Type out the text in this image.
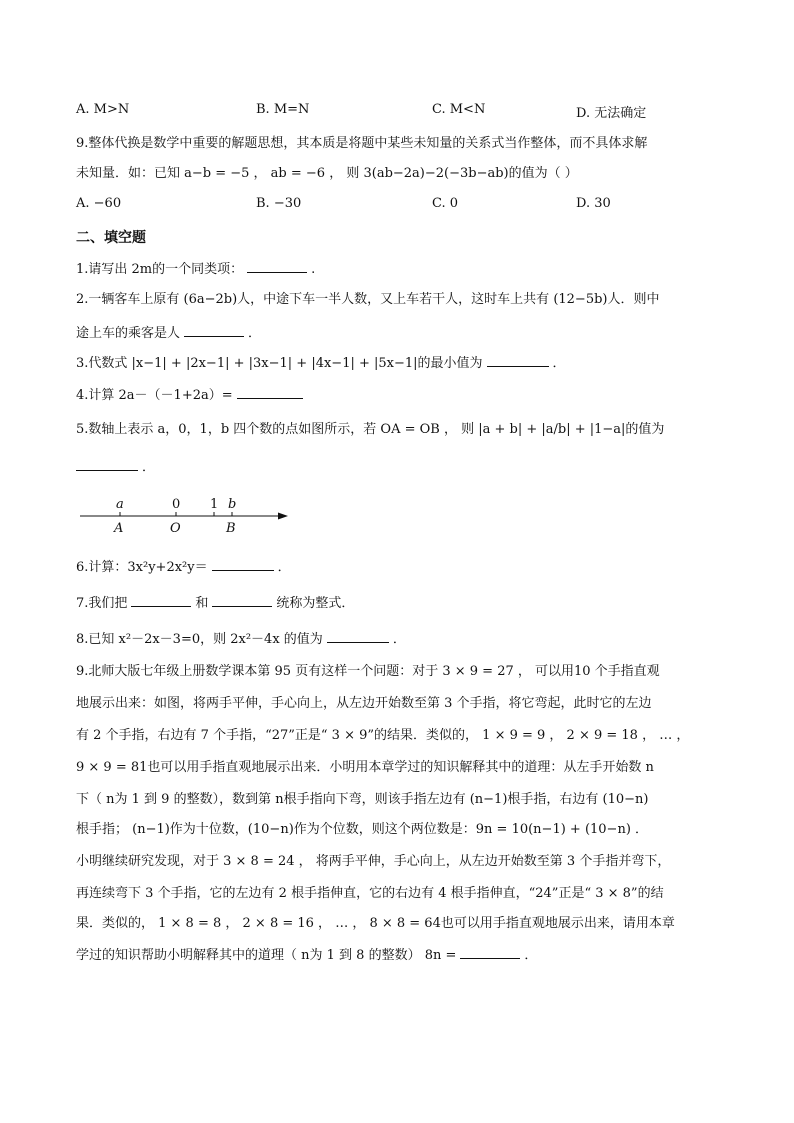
A. M>N	B. M=N	C. M<N	D. 无法确定
9.整体代换是数学中重要的解题思想，其本质是将题中某些未知量的关系式当作整体，而不具体求解
未知量．如：已知 a−b = −5 ， ab = −6 ， 则 3(ab−2a)−2(−3b−ab)的值为（ ）
A. −60	B. −30	C. 0	D. 30
二、填空题
1.请写出 2m的一个同类项：	.
2.一辆客车上原有 (6a−2b)人，中途下车一半人数，又上车若干人，这时车上共有 (12−5b)人．则中
途上车的乘客是人	．
3.代数式 |x−1| + |2x−1| + |3x−1| + |4x−1| + |5x−1|的最小值为	．
4.计算 2a－（－1+2a）=
5.数轴上表示 a，0，1，b 四个数的点如图所示，若 OA = OB ， 则 |a + b| + |a/b| + |1−a|的值为
．
a	0 1 b
A	O	B
6.计算：3x²y+2x²y＝	．
7.我们把	和	统称为整式．
8.已知 x²－2x－3=0，则 2x²－4x 的值为	．
9.北师大版七年级上册数学课本第 95 页有这样一个问题：对于 3 × 9 = 27 ， 可以用10 个手指直观
地展示出来：如图，将两手平伸，手心向上，从左边开始数至第 3 个手指，将它弯起，此时它的左边
有 2 个手指，右边有 7 个手指，“27”正是“ 3 × 9”的结果．类似的， 1 × 9 = 9 ， 2 × 9 = 18 ， … ，
9 × 9 = 81也可以用手指直观地展示出来．小明用本章学过的知识解释其中的道理：从左手开始数 n
下（ n为 1 到 9 的整数），数到第 n根手指向下弯，则该手指左边有 (n−1)根手指，右边有 (10−n)
根手指； (n−1)作为十位数，(10−n)作为个位数，则这个两位数是：9n = 10(n−1) + (10−n) ．
小明继续研究发现，对于 3 × 8 = 24 ， 将两手平伸，手心向上，从左边开始数至第 3 个手指并弯下，
再连续弯下 3 个手指，它的左边有 2 根手指伸直，它的右边有 4 根手指伸直，“24”正是“ 3 × 8”的结
果．类似的， 1 × 8 = 8 ， 2 × 8 = 16 ， … ， 8 × 8 = 64也可以用手指直观地展示出来，请用本章
学过的知识帮助小明解释其中的道理（ n为 1 到 8 的整数） 8n =	．
